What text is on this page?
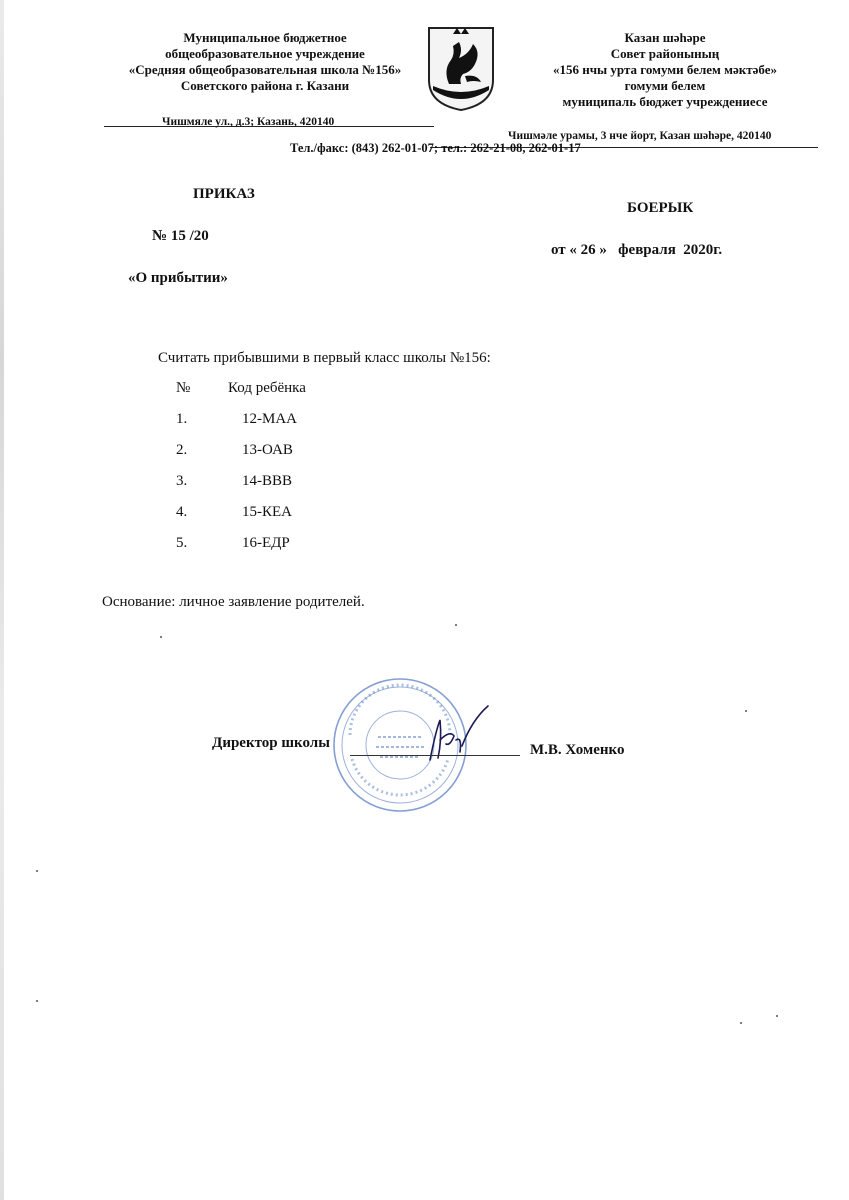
Муниципальное бюджетное
общеобразовательное учреждение
«Средняя общеобразовательная школа №156»
Советского района г. Казани
Казан шәһәре
Совет районының
«156 нчы урта гомуми белем мәктәбе»
гомуми белем
муниципаль бюджет учреждениесе
Чишмяле ул., д.3; Казань, 420140
Чишмәле урамы, 3 нче йорт, Казан шәһәре, 420140
Тел./факс: (843) 262-01-07; тел.: 262-21-08, 262-01-17
ПРИКАЗ
БОЕРЫК
№ 15 /20
от « 26 »   февраля  2020г.
«О прибытии»
Считать прибывшими в первый класс школы №156:
№	Код ребёнка
1.	12-МАА
2.	13-ОАВ
3.	14-ВВВ
4.	15-КЕА
5.	16-ЕДР
Основание: личное заявление родителей.
Директор школы	М.В. Хоменко
